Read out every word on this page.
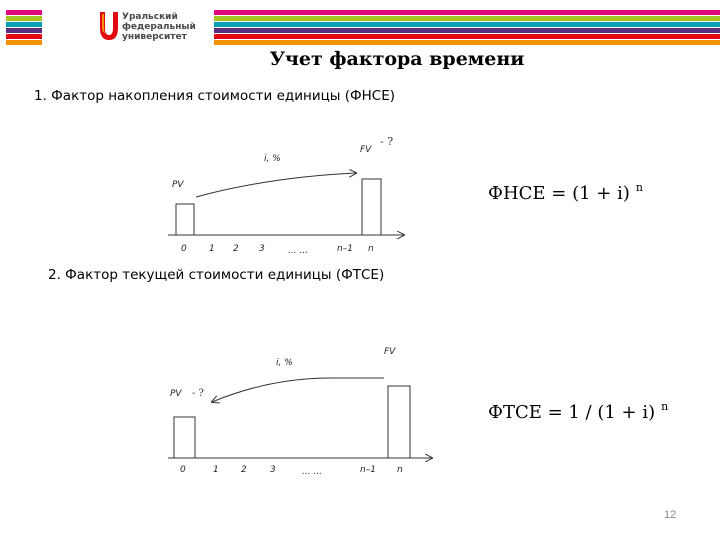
Уральский
федеральный
университет
Учет фактора времени
1. Фактор накопления стоимости единицы (ФНСЕ)
PV
FV
- ?
i, %
0 1 2 3	... ...	n–1 n
ФНСЕ = (1 + i) $^n$
2. Фактор текущей стоимости единицы (ФТСЕ)
PV - ?
FV
i, %
0	1 2	3	... ...	n–1 n
ФТСЕ = 1 / (1 + i) $^n$
12
